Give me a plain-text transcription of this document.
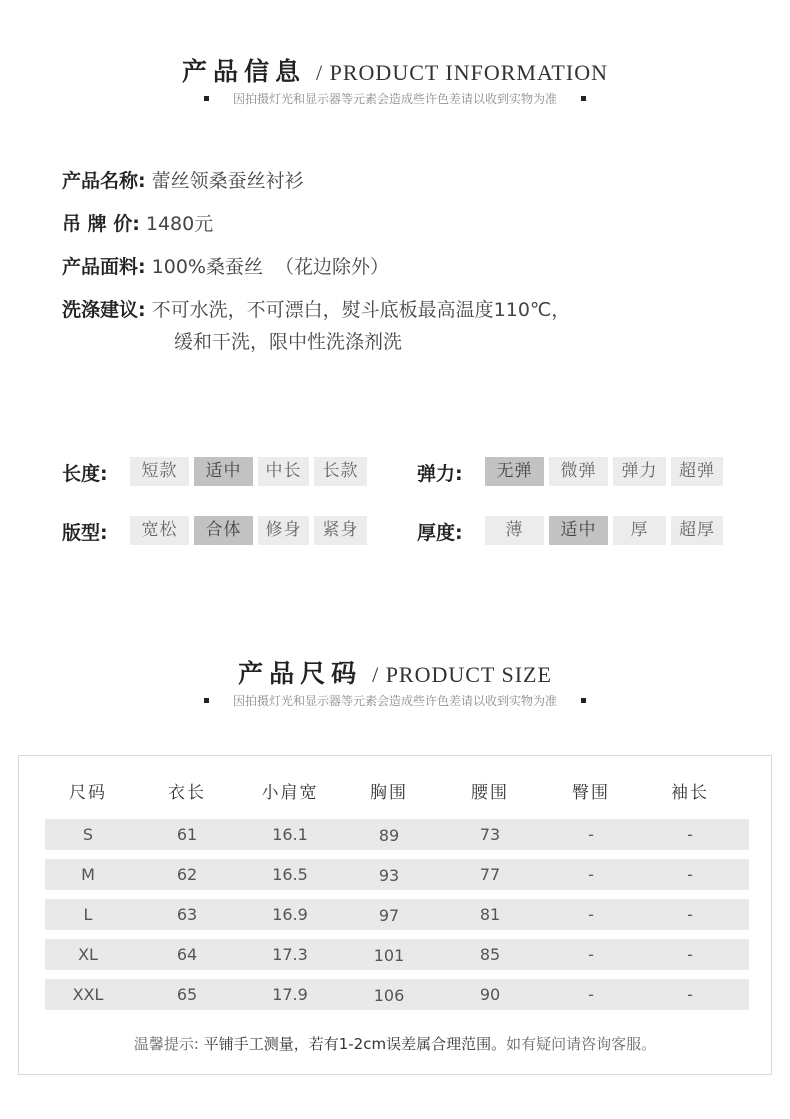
产品信息 / PRODUCT INFORMATION
因拍摄灯光和显示器等元素会造成些许色差请以收到实物为准
产品名称: 蕾丝领桑蚕丝衬衫
吊 牌 价: 1480元
产品面料: 100%桑蚕丝  （花边除外）
洗涤建议: 不可水洗，不可漂白，熨斗底板最高温度110℃，
缓和干洗，限中性洗涤剂洗
长度:	短款	适中	中长	长款	弹力:	无弹	微弹	弹力	超弹
版型:	宽松	合体	修身	紧身	厚度:	薄	适中	厚	超厚
产品尺码 / PRODUCT SIZE
因拍摄灯光和显示器等元素会造成些许色差请以收到实物为准
尺码	衣长	小肩宽	胸围	腰围	臀围	袖长
S	61	16.1	89	73	-	-
M	62	16.5	93	77	-	-
L	63	16.9	97	81	-	-
XL	64	17.3	101	85	-	-
XXL	65	17.9	106	90	-	-
温馨提示: 平铺手工测量，若有1-2cm误差属合理范围。如有疑问请咨询客服。
